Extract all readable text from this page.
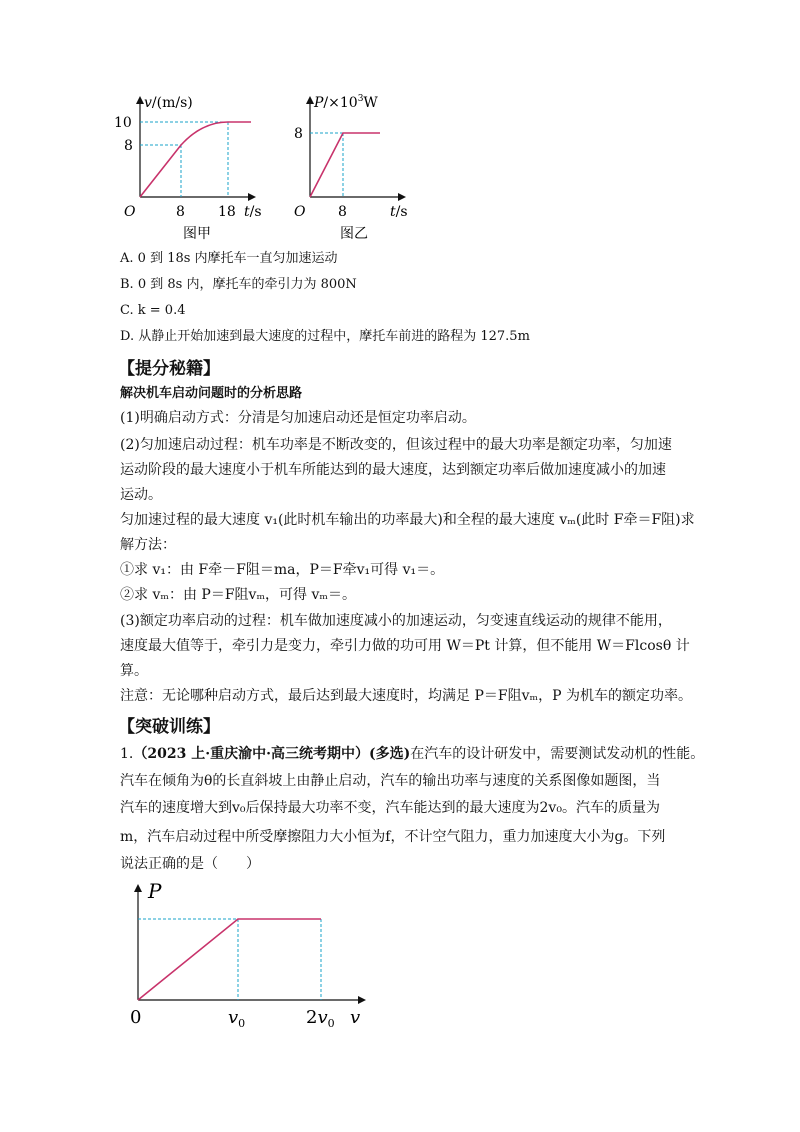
v/(m/s)
10
8
O	8 18 t/s
图甲
$P/\times 10^3W$
8
O 8	t/s
图乙
A. 0 到 18s 内摩托车一直匀加速运动
B. 0 到 8s 内，摩托车的牵引力为 800N
C. k = 0.4
D. 从静止开始加速到最大速度的过程中，摩托车前进的路程为 127.5m
【提分秘籍】
解决机车启动问题时的分析思路
(1)明确启动方式：分清是匀加速启动还是恒定功率启动。
(2)匀加速启动过程：机车功率是不断改变的，但该过程中的最大功率是额定功率，匀加速
运动阶段的最大速度小于机车所能达到的最大速度，达到额定功率后做加速度减小的加速
运动。
匀加速过程的最大速度 v₁(此时机车输出的功率最大)和全程的最大速度 vₘ(此时 F牵＝F阻)求
解方法：
①求 v₁：由 F牵－F阻＝ma，P＝F牵v₁可得 v₁＝。
②求 vₘ：由 P＝F阻vₘ，可得 vₘ＝。
(3)额定功率启动的过程：机车做加速度减小的加速运动，匀变速直线运动的规律不能用，
速度最大值等于，牵引力是变力，牵引力做的功可用 W＝Pt 计算，但不能用 W＝Flcosθ 计
算。
注意：无论哪种启动方式，最后达到最大速度时，均满足 P＝F阻vₘ，P 为机车的额定功率。
【突破训练】
1.（2023 上·重庆渝中·高三统考期中）(多选)在汽车的设计研发中，需要测试发动机的性能。
汽车在倾角为θ的长直斜坡上由静止启动，汽车的输出功率与速度的关系图像如题图，当
汽车的速度增大到v₀后保持最大功率不变，汽车能达到的最大速度为2v₀。汽车的质量为
m，汽车启动过程中所受摩擦阻力大小恒为f，不计空气阻力，重力加速度大小为g。下列
说法正确的是（　　）
P
0	$v_0$	$2v_0$ v
